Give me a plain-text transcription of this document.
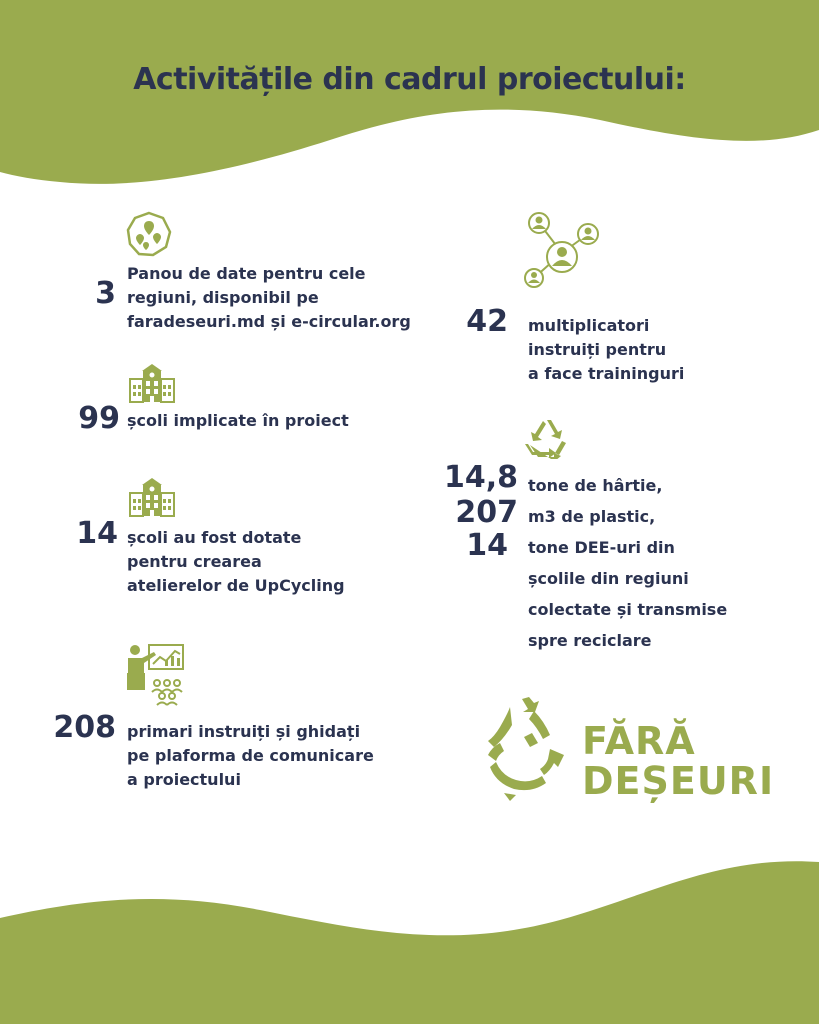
Activitățile din cadrul proiectului:
3
Panou de date pentru cele
regiuni, disponibil pe
faradeseuri.md și e-circular.org
99 școli implicate în proiect
14 școli au fost dotate
pentru crearea
atelierelor de UpCycling
208 primari instruiți și ghidați
pe plaforma de comunicare
a proiectului
42 multiplicatori
instruiți pentru
a face traininguri
14,8
207
14
tone de hârtie,
m3 de plastic,
tone DEE-uri din
școlile din regiuni
colectate și transmise
spre reciclare
FĂRĂ
DEȘEURI
